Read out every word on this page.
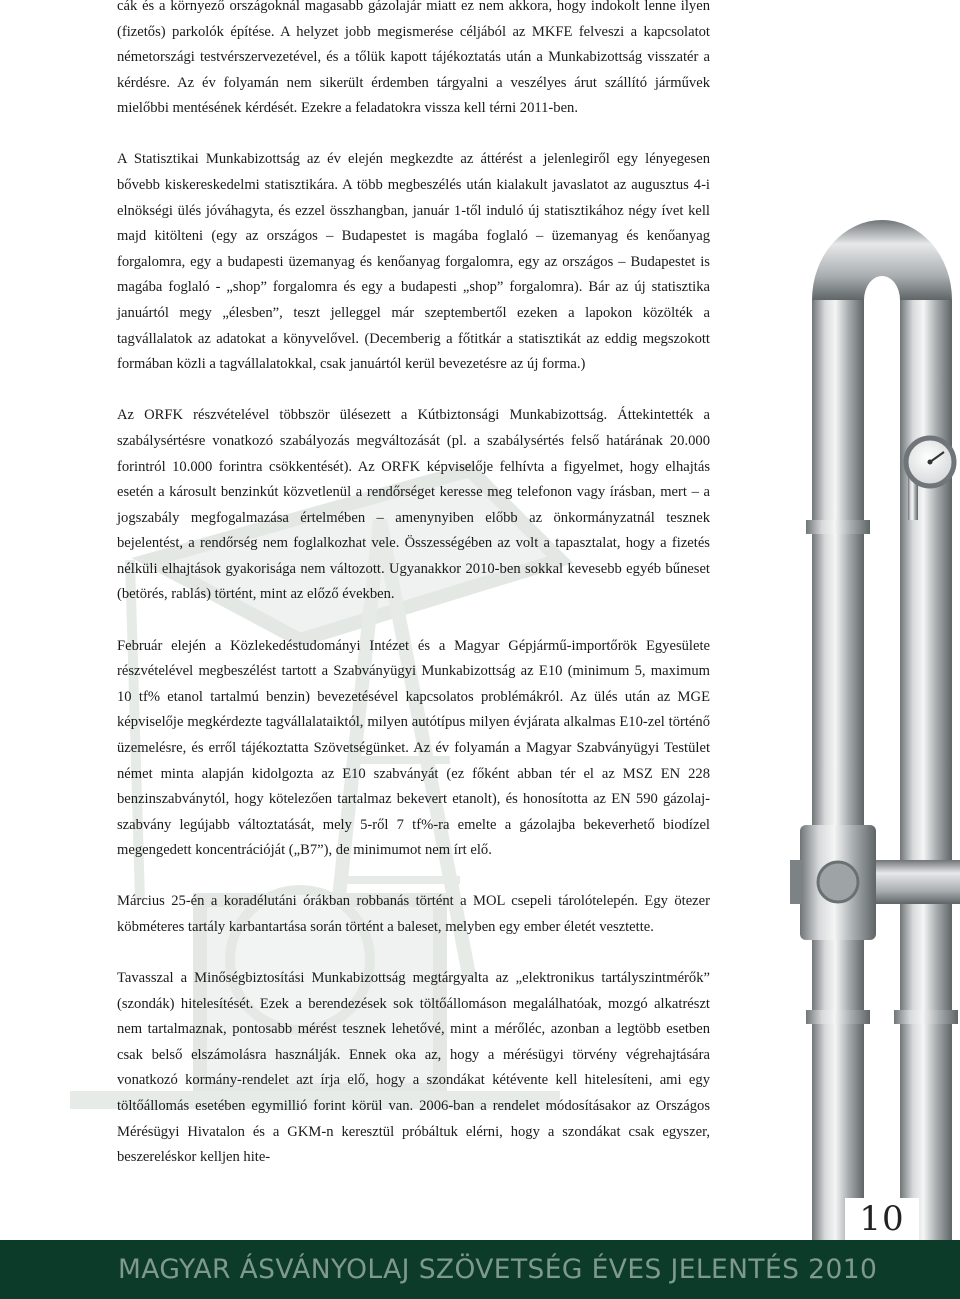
cák és a környező országoknál magasabb gázolajár miatt ez nem akkora, hogy indokolt lenne ilyen (fizetős) parkolók építése. A helyzet jobb megismerése céljából az MKFE felveszi a kapcsolatot németországi testvérszervezetével, és a tőlük kapott tájékoztatás után a Munkabizottság visszatér a kérdésre. Az év folyamán nem sikerült érdemben tárgyalni a veszélyes árut szállító járművek mielőbbi mentésének kérdését. Ezekre a feladatokra vissza kell térni 2011-ben.

A Statisztikai Munkabizottság az év elején megkezdte az áttérést a jelenlegiről egy lényegesen bővebb kiskereskedelmi statisztikára. A több megbeszélés után kialakult javaslatot az augusztus 4-i elnökségi ülés jóváhagyta, és ezzel összhangban, január 1-től induló új statisztikához négy ívet kell majd kitölteni (egy az országos – Budapestet is magába foglaló – üzemanyag és kenőanyag forgalomra, egy a budapesti üzemanyag és kenőanyag forgalomra, egy az országos – Budapestet is magába foglaló - „shop” forgalomra és egy a budapesti „shop” forgalomra). Bár az új statisztika januártól megy „élesben”, teszt jelleggel már szeptembertől ezeken a lapokon közölték a tagvállalatok az adatokat a könyvelővel. (Decemberig a főtitkár a statisztikát az eddig megszokott formában közli a tagvállalatokkal, csak januártól kerül bevezetésre az új forma.)

Az ORFK részvételével többször ülésezett a Kútbiztonsági Munkabizottság. Áttekintették a szabálysértésre vonatkozó szabályozás megváltozását (pl. a szabálysértés felső határának 20.000 forintról 10.000 forintra csökkentését). Az ORFK képviselője felhívta a figyelmet, hogy elhajtás esetén a károsult benzinkút közvetlenül a rendőrséget keresse meg telefonon vagy írásban, mert – a jogszabály megfogalmazása értelmében – amenynyiben előbb az önkormányzatnál tesznek bejelentést, a rendőrség nem foglalkozhat vele. Összességében az volt a tapasztalat, hogy a fizetés nélküli elhajtások gyakorisága nem változott. Ugyanakkor 2010-ben sokkal kevesebb egyéb bűneset (betörés, rablás) történt, mint az előző években.

Február elején a Közlekedéstudományi Intézet és a Magyar Gépjármű-importőrök Egyesülete részvételével megbeszélést tartott a Szabványügyi Munkabizottság az E10 (minimum 5, maximum 10 tf% etanol tartalmú benzin) bevezetésével kapcsolatos problémákról. Az ülés után az MGE képviselője megkérdezte tagvállalataiktól, milyen autótípus milyen évjárata alkalmas E10-zel történő üzemelésre, és erről tájékoztatta Szövetségünket. Az év folyamán a Magyar Szabványügyi Testület német minta alapján kidolgozta az E10 szabványát (ez főként abban tér el az MSZ EN 228 benzinszabványtól, hogy kötelezően tartalmaz bekevert etanolt), és honosította az EN 590 gázolaj-szabvány legújabb változtatását, mely 5-ről 7 tf%-ra emelte a gázolajba bekeverhető biodízel megengedett koncentrációját („B7”), de minimumot nem írt elő.

Március 25-én a koradélutáni órákban robbanás történt a MOL csepeli tárolótelepén. Egy ötezer köbméteres tartály karbantartása során történt a baleset, melyben egy ember életét vesztette.

Tavasszal a Minőségbiztosítási Munkabizottság megtárgyalta az „elektronikus tartályszintmérők” (szondák) hitelesítését. Ezek a berendezések sok töltőállomáson megalálhatóak, mozgó alkatrészt nem tartalmaznak, pontosabb mérést tesznek lehetővé, mint a mérőléc, azonban a legtöbb esetben csak belső elszámolásra használják. Ennek oka az, hogy a mérésügyi törvény végrehajtására vonatkozó kormány-rendelet azt írja elő, hogy a szondákat kétévente kell hitelesíteni, ami egy töltőállomás esetében egymillió forint körül van. 2006-ban a rendelet módosításakor az Országos Mérésügyi Hivatalon és a GKM-n keresztül próbáltuk elérni, hogy a szondákat csak egyszer, beszereléskor kelljen hite-

10
MAGYAR ÁSVÁNYOLAJ SZÖVETSÉG ÉVES JELENTÉS 2010
